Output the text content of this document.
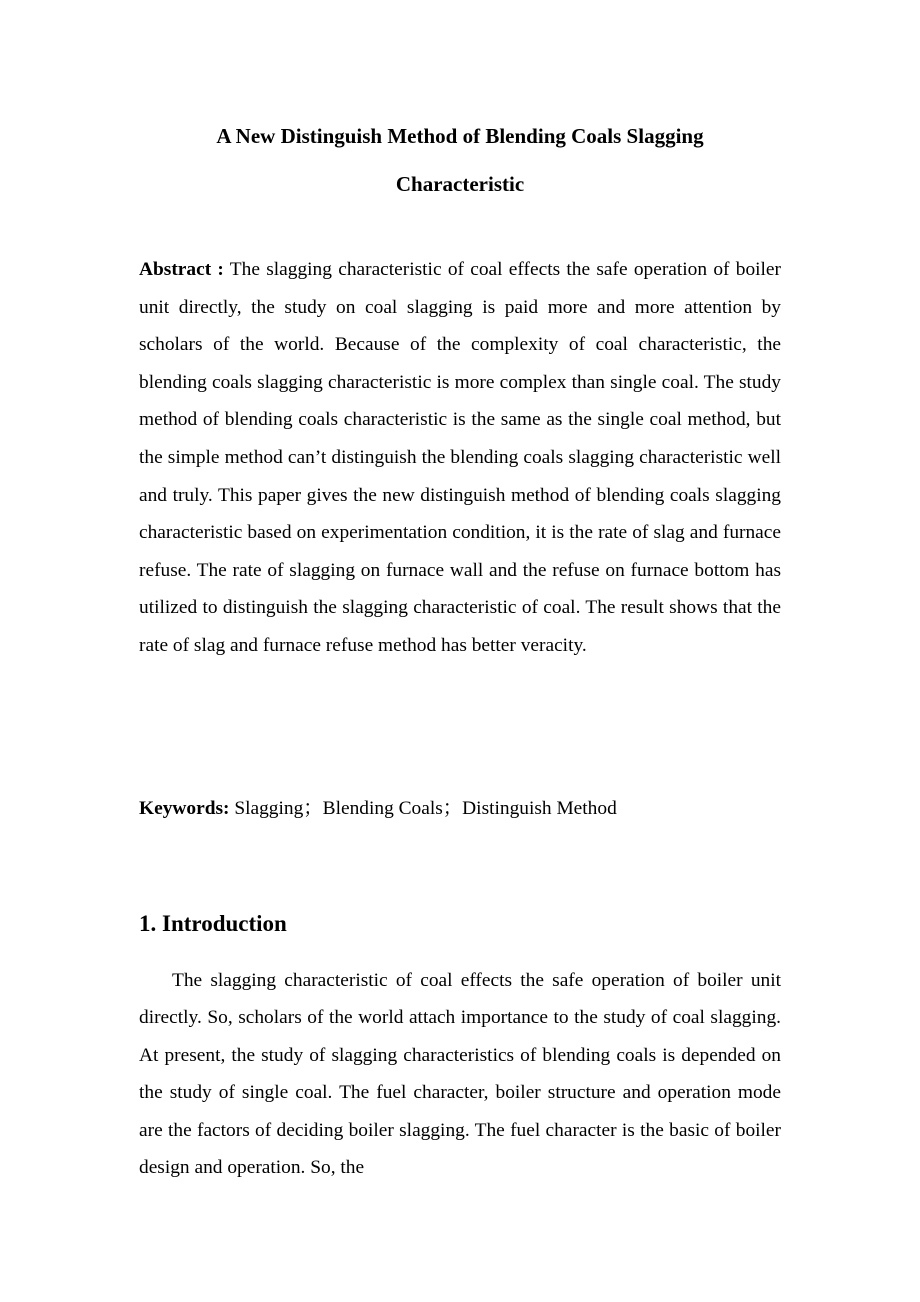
A New Distinguish Method of Blending Coals Slagging
Characteristic

Abstract : The slagging characteristic of coal effects the safe operation of boiler unit directly, the study on coal slagging is paid more and more attention by scholars of the world. Because of the complexity of coal characteristic, the blending coals slagging characteristic is more complex than single coal. The study method of blending coals characteristic is the same as the single coal method, but the simple method can’t distinguish the blending coals slagging characteristic well and truly. This paper gives the new distinguish method of blending coals slagging characteristic based on experimentation condition, it is the rate of slag and furnace refuse. The rate of slagging on furnace wall and the refuse on furnace bottom has utilized to distinguish the slagging characteristic of coal. The result shows that the rate of slag and furnace refuse method has better veracity.

Keywords: Slagging；Blending Coals；Distinguish Method

1. Introduction

The slagging characteristic of coal effects the safe operation of boiler unit directly. So, scholars of the world attach importance to the study of coal slagging. At present, the study of slagging characteristics of blending coals is depended on the study of single coal. The fuel character, boiler structure and operation mode are the factors of deciding boiler slagging. The fuel character is the basic of boiler design and operation. So, the
